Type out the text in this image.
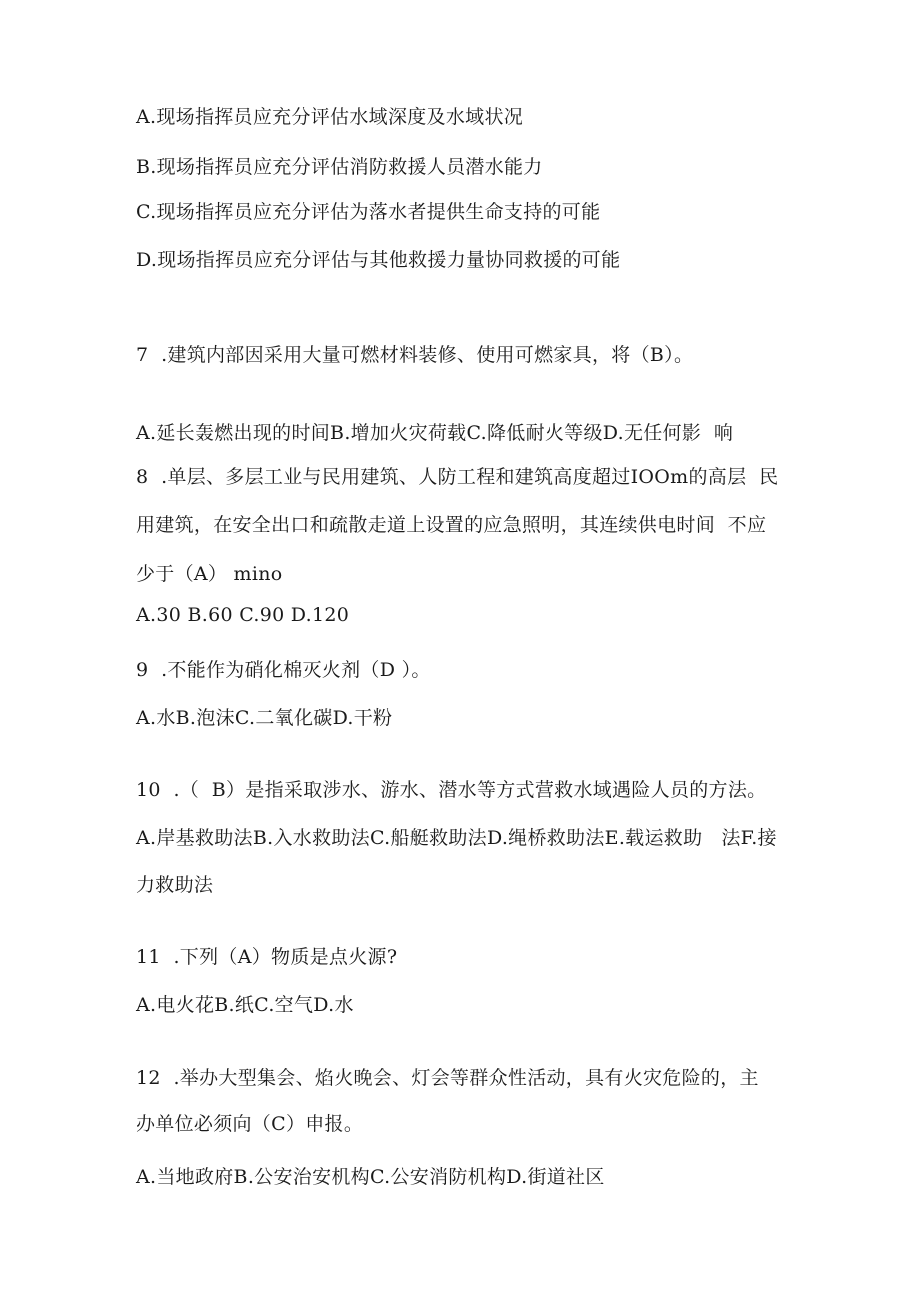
A.现场指挥员应充分评估水域深度及水域状况
B.现场指挥员应充分评估消防救援人员潜水能力
C.现场指挥员应充分评估为落水者提供生命支持的可能
D.现场指挥员应充分评估与其他救援力量协同救援的可能
7  .建筑内部因采用大量可燃材料装修、使用可燃家具，将（B）。
A.延长轰燃出现的时间B.增加火灾荷载C.降低耐火等级D.无任何影  响
8  .单层、多层工业与民用建筑、人防工程和建筑高度超过IOOm的高层  民
用建筑，在安全出口和疏散走道上设置的应急照明，其连续供电时间  不应
少于（A） mino
A.30 B.60 C.90 D.120
9  .不能作为硝化棉灭火剂（D ）。
A.水B.泡沫C.二氧化碳D.干粉
10  .（  B）是指采取涉水、游水、潜水等方式营救水域遇险人员的方法。
A.岸基救助法B.入水救助法C.船艇救助法D.绳桥救助法E.载运救助   法F.接
力救助法
11  .下列（A）物质是点火源?
A.电火花B.纸C.空气D.水
12  .举办大型集会、焰火晚会、灯会等群众性活动，具有火灾危险的，主
办单位必须向（C）申报。
A.当地政府B.公安治安机构C.公安消防机构D.街道社区
